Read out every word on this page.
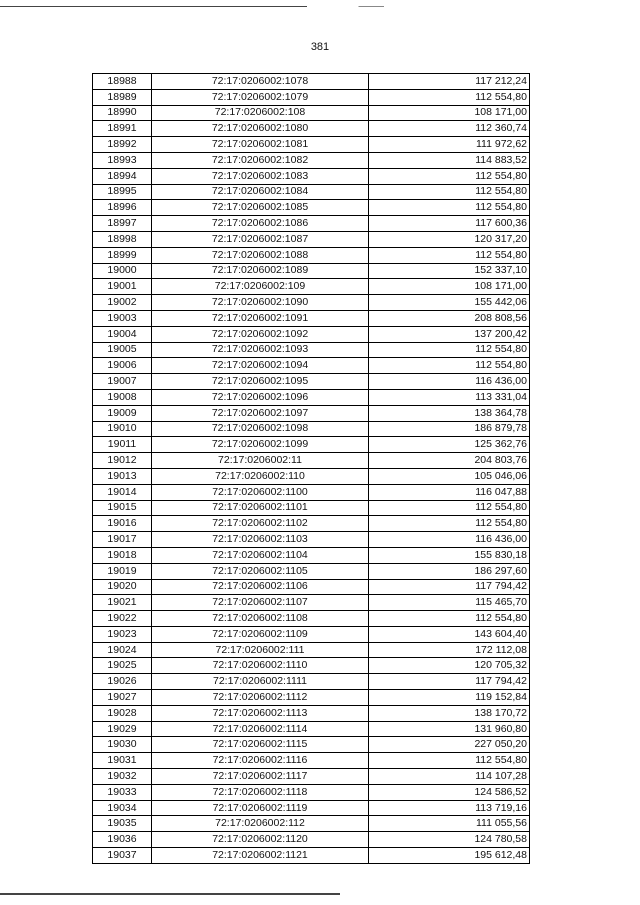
381
18988	72:17:0206002:1078	117 212,24
18989	72:17:0206002:1079	112 554,80
18990	72:17:0206002:108	108 171,00
18991	72:17:0206002:1080	112 360,74
18992	72:17:0206002:1081	111 972,62
18993	72:17:0206002:1082	114 883,52
18994	72:17:0206002:1083	112 554,80
18995	72:17:0206002:1084	112 554,80
18996	72:17:0206002:1085	112 554,80
18997	72:17:0206002:1086	117 600,36
18998	72:17:0206002:1087	120 317,20
18999	72:17:0206002:1088	112 554,80
19000	72:17:0206002:1089	152 337,10
19001	72:17:0206002:109	108 171,00
19002	72:17:0206002:1090	155 442,06
19003	72:17:0206002:1091	208 808,56
19004	72:17:0206002:1092	137 200,42
19005	72:17:0206002:1093	112 554,80
19006	72:17:0206002:1094	112 554,80
19007	72:17:0206002:1095	116 436,00
19008	72:17:0206002:1096	113 331,04
19009	72:17:0206002:1097	138 364,78
19010	72:17:0206002:1098	186 879,78
19011	72:17:0206002:1099	125 362,76
19012	72:17:0206002:11	204 803,76
19013	72:17:0206002:110	105 046,06
19014	72:17:0206002:1100	116 047,88
19015	72:17:0206002:1101	112 554,80
19016	72:17:0206002:1102	112 554,80
19017	72:17:0206002:1103	116 436,00
19018	72:17:0206002:1104	155 830,18
19019	72:17:0206002:1105	186 297,60
19020	72:17:0206002:1106	117 794,42
19021	72:17:0206002:1107	115 465,70
19022	72:17:0206002:1108	112 554,80
19023	72:17:0206002:1109	143 604,40
19024	72:17:0206002:111	172 112,08
19025	72:17:0206002:1110	120 705,32
19026	72:17:0206002:1111	117 794,42
19027	72:17:0206002:1112	119 152,84
19028	72:17:0206002:1113	138 170,72
19029	72:17:0206002:1114	131 960,80
19030	72:17:0206002:1115	227 050,20
19031	72:17:0206002:1116	112 554,80
19032	72:17:0206002:1117	114 107,28
19033	72:17:0206002:1118	124 586,52
19034	72:17:0206002:1119	113 719,16
19035	72:17:0206002:112	111 055,56
19036	72:17:0206002:1120	124 780,58
19037	72:17:0206002:1121	195 612,48
